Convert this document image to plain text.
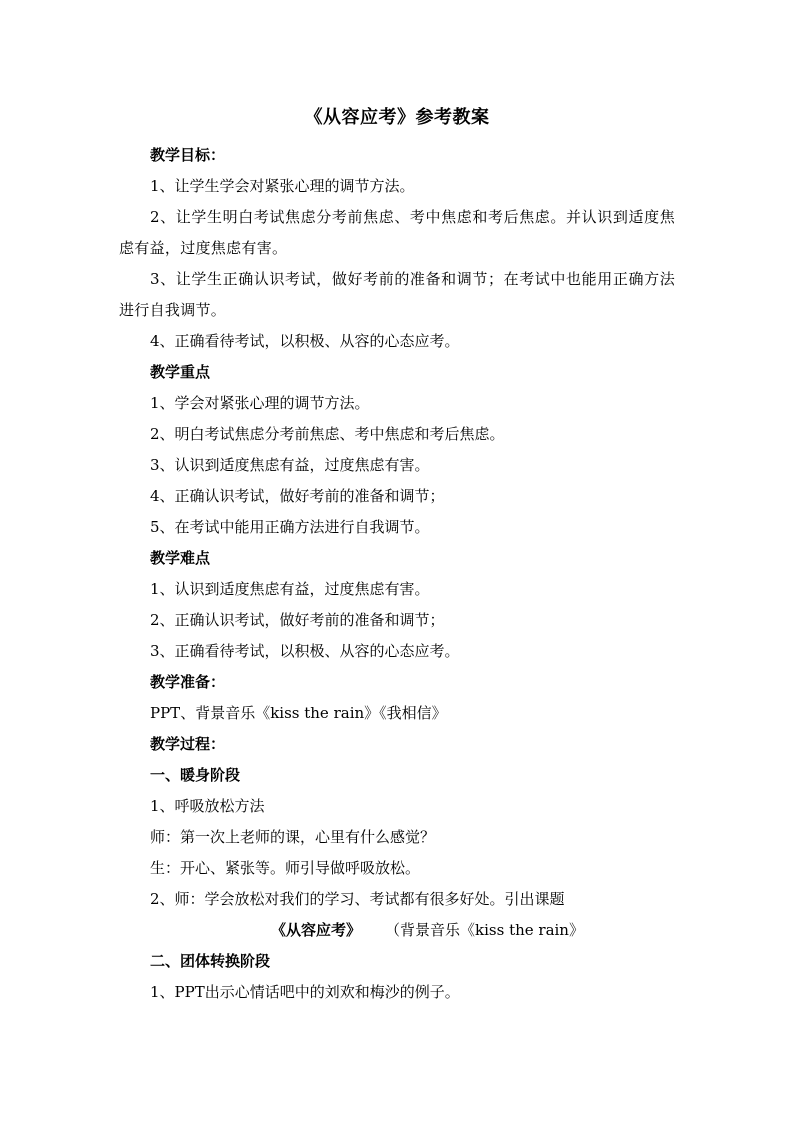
《从容应考》参考教案
教学目标：
1、让学生学会对紧张心理的调节方法。
2、让学生明白考试焦虑分考前焦虑、考中焦虑和考后焦虑。并认识到适度焦虑有益，过度焦虑有害。
3、让学生正确认识考试，做好考前的准备和调节；在考试中也能用正确方法进行自我调节。
4、正确看待考试，以积极、从容的心态应考。
教学重点
1、学会对紧张心理的调节方法。
2、明白考试焦虑分考前焦虑、考中焦虑和考后焦虑。
3、认识到适度焦虑有益，过度焦虑有害。
4、正确认识考试，做好考前的准备和调节；
5、在考试中能用正确方法进行自我调节。
教学难点
1、认识到适度焦虑有益，过度焦虑有害。
2、正确认识考试，做好考前的准备和调节；
3、正确看待考试，以积极、从容的心态应考。
教学准备：
PPT、背景音乐《kiss the rain》《我相信》
教学过程：
一、暖身阶段
1、呼吸放松方法
师：第一次上老师的课，心里有什么感觉？
生：开心、紧张等。师引导做呼吸放松。
2、师：学会放松对我们的学习、考试都有很多好处。引出课题
《从容应考》 （背景音乐《kiss the rain》
二、团体转换阶段
1、PPT出示心情话吧中的刘欢和梅沙的例子。
